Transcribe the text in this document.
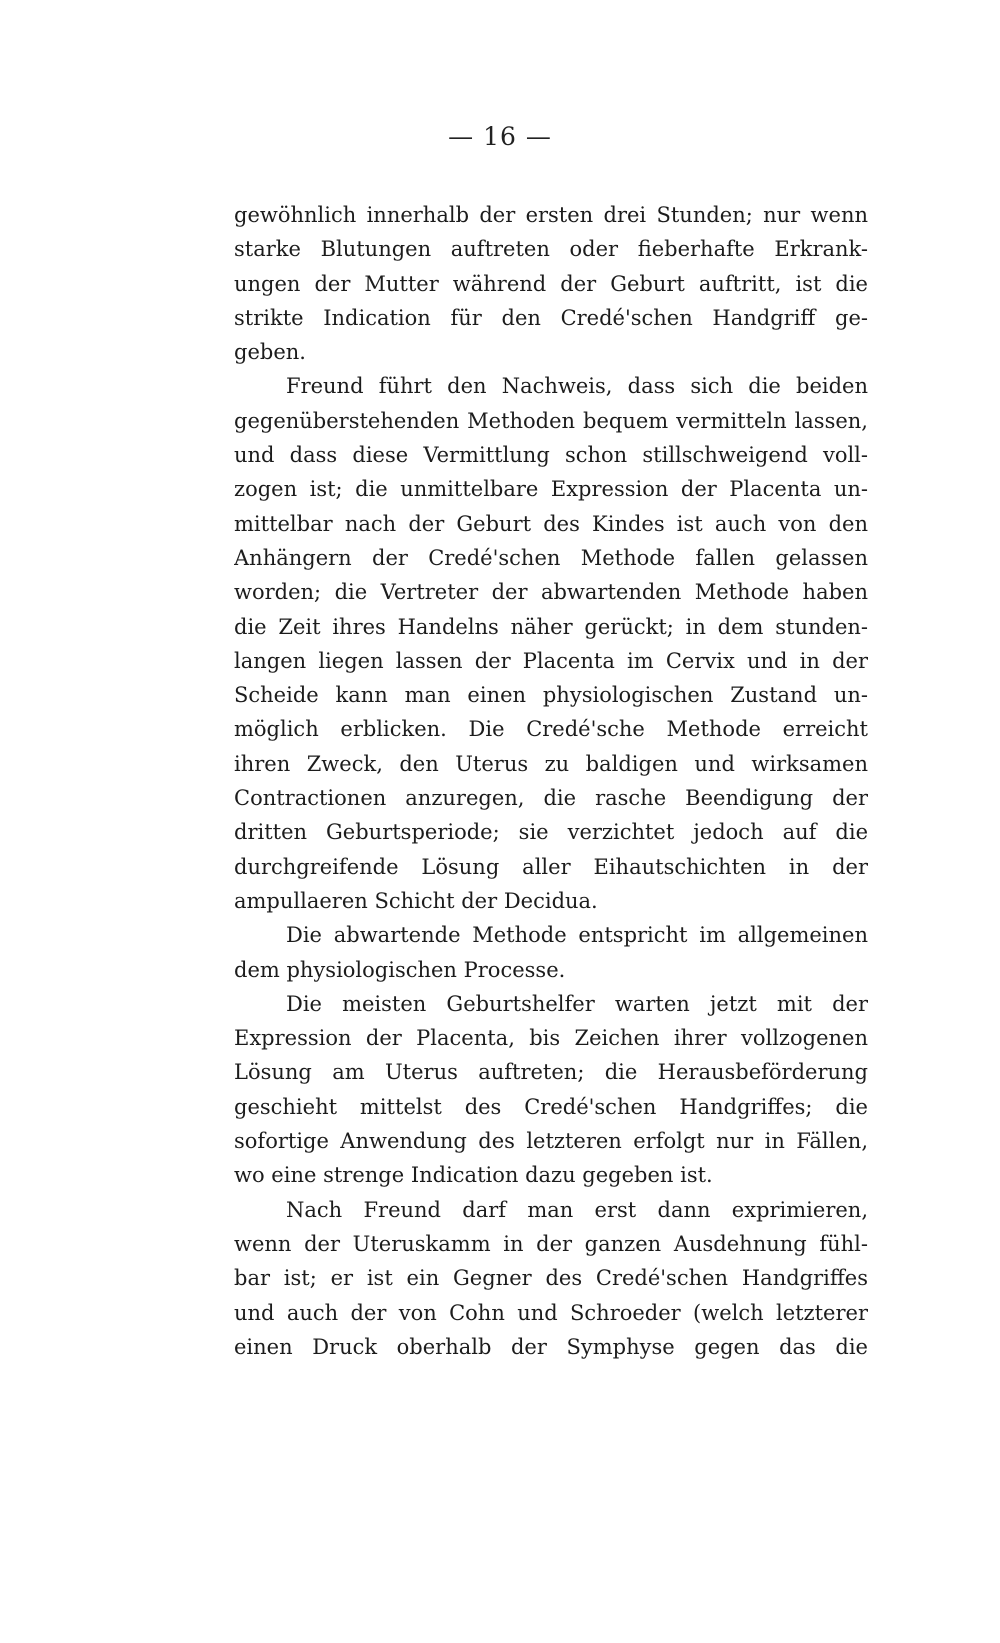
— 16 —
gewöhnlich innerhalb der ersten drei Stunden; nur wenn
starke Blutungen auftreten oder fieberhafte Erkrank-
ungen der Mutter während der Geburt auftritt, ist die
strikte Indication für den Credé'schen Handgriff ge-
geben.
Freund führt den Nachweis, dass sich die beiden
gegenüberstehenden Methoden bequem vermitteln lassen,
und dass diese Vermittlung schon stillschweigend voll-
zogen ist; die unmittelbare Expression der Placenta un-
mittelbar nach der Geburt des Kindes ist auch von den
Anhängern der Credé'schen Methode fallen gelassen
worden; die Vertreter der abwartenden Methode haben
die Zeit ihres Handelns näher gerückt; in dem stunden-
langen liegen lassen der Placenta im Cervix und in der
Scheide kann man einen physiologischen Zustand un-
möglich erblicken. Die Credé'sche Methode erreicht
ihren Zweck, den Uterus zu baldigen und wirksamen
Contractionen anzuregen, die rasche Beendigung der
dritten Geburtsperiode; sie verzichtet jedoch auf die
durchgreifende Lösung aller Eihautschichten in der
ampullaeren Schicht der Decidua.
Die abwartende Methode entspricht im allgemeinen
dem physiologischen Processe.
Die meisten Geburtshelfer warten jetzt mit der
Expression der Placenta, bis Zeichen ihrer vollzogenen
Lösung am Uterus auftreten; die Herausbeförderung
geschieht mittelst des Credé'schen Handgriffes; die
sofortige Anwendung des letzteren erfolgt nur in Fällen,
wo eine strenge Indication dazu gegeben ist.
Nach Freund darf man erst dann exprimieren,
wenn der Uteruskamm in der ganzen Ausdehnung fühl-
bar ist; er ist ein Gegner des Credé'schen Handgriffes
und auch der von Cohn und Schroeder (welch letzterer
einen Druck oberhalb der Symphyse gegen das die
